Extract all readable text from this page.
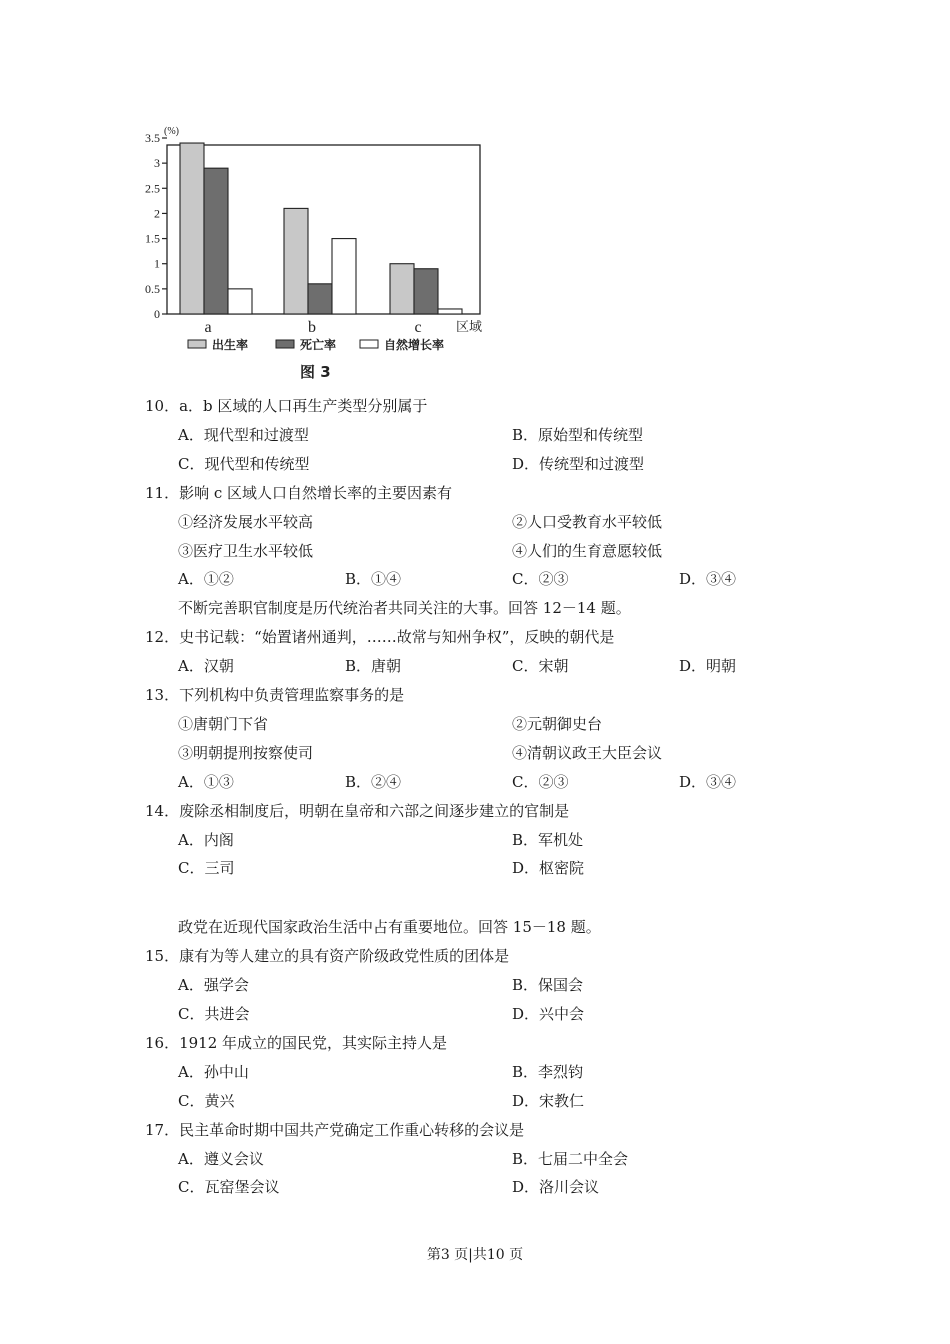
0
0.5
1
1.5
2
2.5
3
3.5 (%)
a	b	c	区域
出生率	死亡率	自然增长率
图 3
10．a．b 区域的人口再生产类型分别属于
A．现代型和过渡型	B．原始型和传统型
C．现代型和传统型	D．传统型和过渡型
11．影响 c 区域人口自然增长率的主要因素有
①经济发展水平较高	②人口受教育水平较低
③医疗卫生水平较低	④人们的生育意愿较低
A．①②	B．①④	C．②③	D．③④
不断完善职官制度是历代统治者共同关注的大事。回答 12－14 题。
12．史书记载：“始置诸州通判，……故常与知州争权”，反映的朝代是
A．汉朝	B．唐朝	C．宋朝	D．明朝
13．下列机构中负责管理监察事务的是
①唐朝门下省	②元朝御史台
③明朝提刑按察使司	④清朝议政王大臣会议
A．①③	B．②④	C．②③	D．③④
14．废除丞相制度后，明朝在皇帝和六部之间逐步建立的官制是
A．内阁	B．军机处
C．三司	D．枢密院
政党在近现代国家政治生活中占有重要地位。回答 15－18 题。
15．康有为等人建立的具有资产阶级政党性质的团体是
A．强学会	B．保国会
C．共进会	D．兴中会
16．1912 年成立的国民党，其实际主持人是
A．孙中山	B．李烈钧
C．黄兴	D．宋教仁
17．民主革命时期中国共产党确定工作重心转移的会议是
A．遵义会议	B．七届二中全会
C．瓦窑堡会议	D．洛川会议
第3 页|共10 页
